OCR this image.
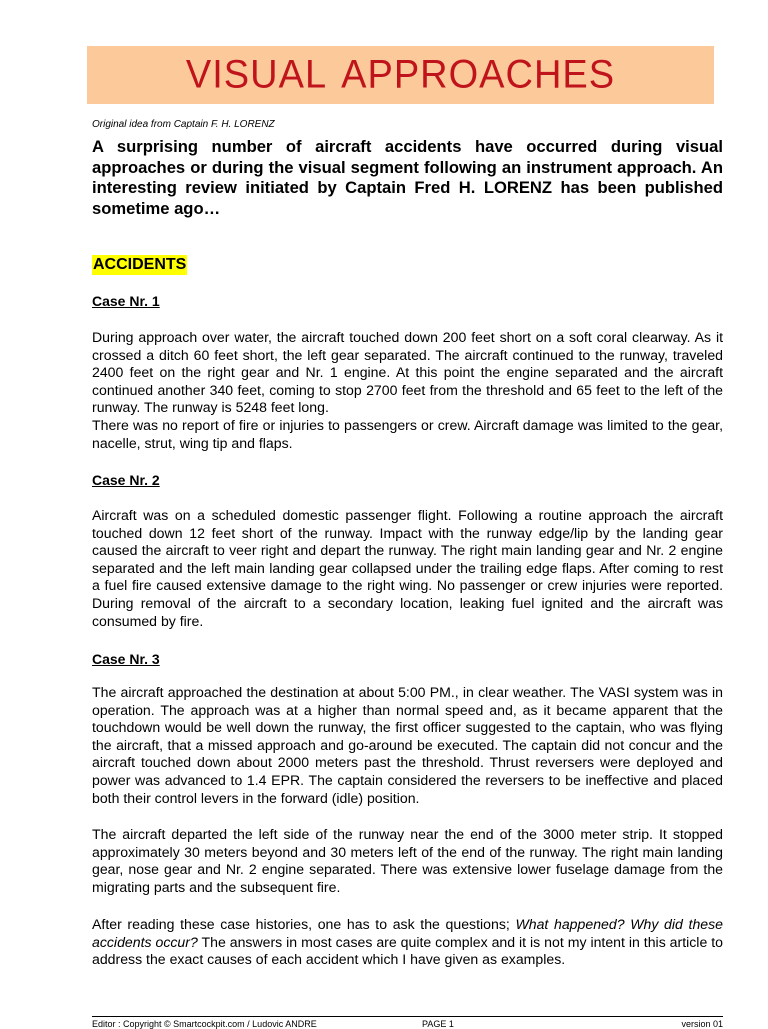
VISUAL APPROACHES
Original idea from Captain F. H. LORENZ

A surprising number of aircraft accidents have occurred during visual approaches or during the visual segment following an instrument approach. An interesting review initiated by Captain Fred H. LORENZ has been published sometime ago…

ACCIDENTS
Case Nr. 1

During approach over water, the aircraft touched down 200 feet short on a soft coral clearway. As it crossed a ditch 60 feet short, the left gear separated. The aircraft continued to the runway, traveled 2400 feet on the right gear and Nr. 1 engine. At this point the engine separated and the aircraft continued another 340 feet, coming to stop 2700 feet from the threshold and 65 feet to the left of the runway. The runway is 5248 feet long.

There was no report of fire or injuries to passengers or crew. Aircraft damage was limited to the gear, nacelle, strut, wing tip and flaps.

Case Nr. 2

Aircraft was on a scheduled domestic passenger flight. Following a routine approach the aircraft touched down 12 feet short of the runway. Impact with the runway edge/lip by the landing gear caused the aircraft to veer right and depart the runway. The right main landing gear and Nr. 2 engine separated and the left main landing gear collapsed under the trailing edge flaps. After coming to rest a fuel fire caused extensive damage to the right wing. No passenger or crew injuries were reported. During removal of the aircraft to a secondary location, leaking fuel ignited and the aircraft was consumed by fire.

Case Nr. 3

The aircraft approached the destination at about 5:00 PM., in clear weather. The VASI system was in operation. The approach was at a higher than normal speed and, as it became apparent that the touchdown would be well down the runway, the first officer suggested to the captain, who was flying the aircraft, that a missed approach and go-around be executed. The captain did not concur and the aircraft touched down about 2000 meters past the threshold. Thrust reversers were deployed and power was advanced to 1.4 EPR. The captain considered the reversers to be ineffective and placed both their control levers in the forward (idle) position.

The aircraft departed the left side of the runway near the end of the 3000 meter strip. It stopped approximately 30 meters beyond and 30 meters left of the end of the runway. The right main landing gear, nose gear and Nr. 2 engine separated. There was extensive lower fuselage damage from the migrating parts and the subsequent fire.

After reading these case histories, one has to ask the questions; What happened? Why did these accidents occur? The answers in most cases are quite complex and it is not my intent in this article to address the exact causes of each accident which I have given as examples.

Editor : Copyright © Smartcockpit.com / Ludovic ANDRE	PAGE 1	version 01
